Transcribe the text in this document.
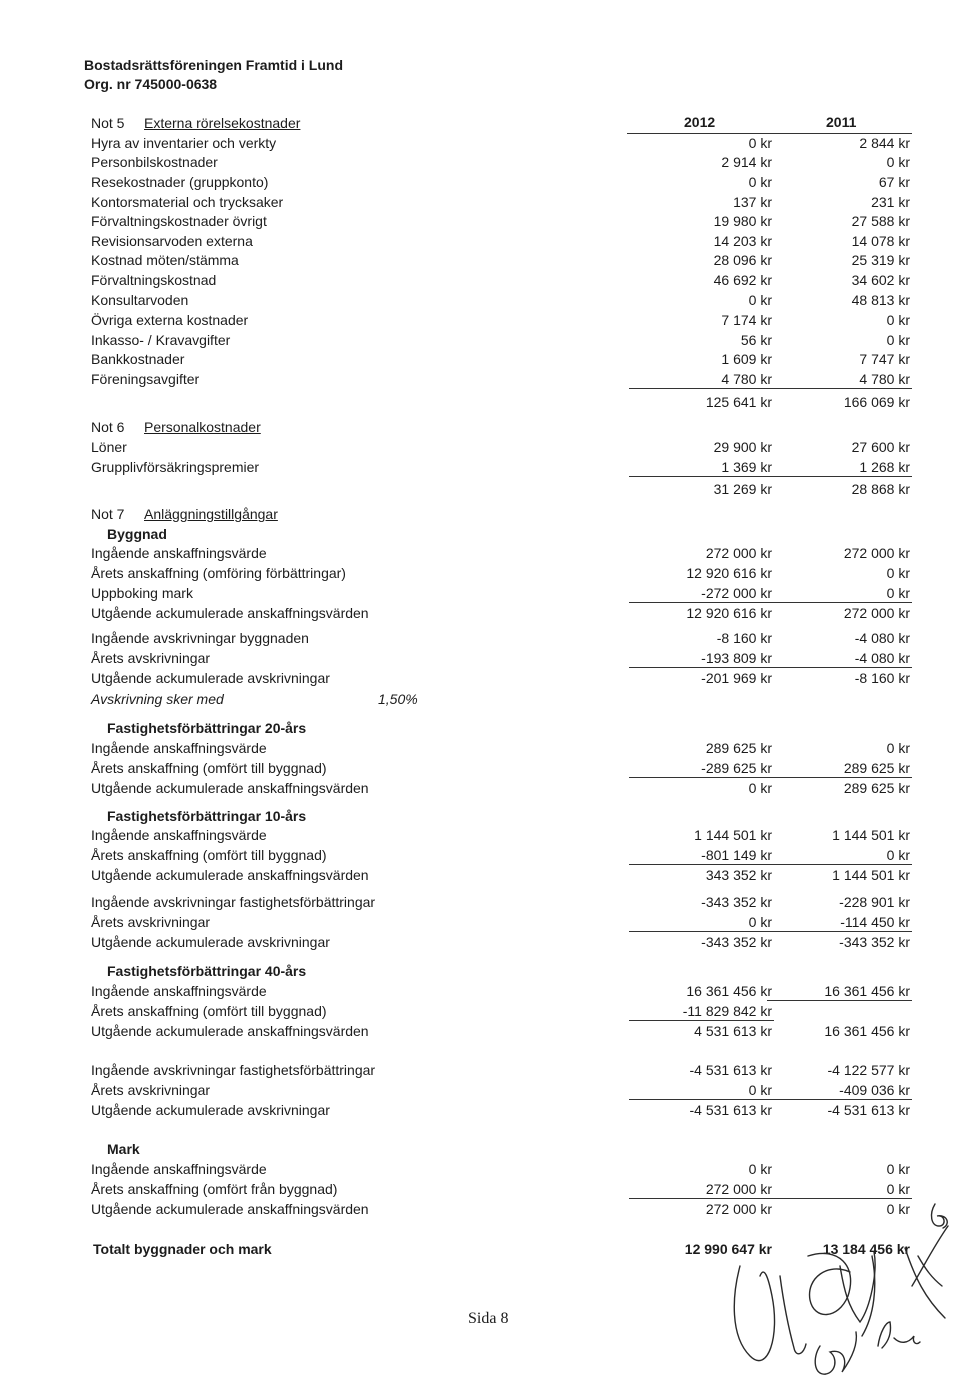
Bostadsrättsföreningen Framtid i Lund
Org. nr 745000-0638
2012	2011
Not 5 Externa rörelsekostnader
Hyra av inventarier och verkty	0 kr	2 844 kr
Personbilskostnader	2 914 kr	0 kr
Resekostnader (gruppkonto)	0 kr	67 kr
Kontorsmaterial och trycksaker	137 kr	231 kr
Förvaltningskostnader övrigt	19 980 kr	27 588 kr
Revisionsarvoden externa	14 203 kr	14 078 kr
Kostnad möten/stämma	28 096 kr	25 319 kr
Förvaltningskostnad	46 692 kr	34 602 kr
Konsultarvoden	0 kr	48 813 kr
Övriga externa kostnader	7 174 kr	0 kr
Inkasso- / Kravavgifter	56 kr	0 kr
Bankkostnader	1 609 kr	7 747 kr
Föreningsavgifter	4 780 kr	4 780 kr
125 641 kr	166 069 kr
Not 6 Personalkostnader
Löner	29 900 kr	27 600 kr
Grupplivförsäkringspremier	1 369 kr	1 268 kr
31 269 kr	28 868 kr
Not 7 Anläggningstillgångar
Byggnad
Ingående anskaffningsvärde	272 000 kr	272 000 kr
Årets anskaffning (omföring förbättringar)	12 920 616 kr	0 kr
Uppboking mark	-272 000 kr	0 kr
Utgående ackumulerade anskaffningsvärden	12 920 616 kr	272 000 kr
Ingående avskrivningar byggnaden	-8 160 kr	-4 080 kr
Årets avskrivningar	-193 809 kr	-4 080 kr
Utgående ackumulerade avskrivningar	-201 969 kr	-8 160 kr
Avskrivning sker med	1,50%
Fastighetsförbättringar 20-års
Ingående anskaffningsvärde	289 625 kr	0 kr
Årets anskaffning (omfört till byggnad)	-289 625 kr	289 625 kr
Utgående ackumulerade anskaffningsvärden	0 kr	289 625 kr
Fastighetsförbättringar 10-års
Ingående anskaffningsvärde	1 144 501 kr	1 144 501 kr
Årets anskaffning (omfört till byggnad)	-801 149 kr	0 kr
Utgående ackumulerade anskaffningsvärden	343 352 kr	1 144 501 kr
Ingående avskrivningar fastighetsförbättringar	-343 352 kr	-228 901 kr
Årets avskrivningar	0 kr	-114 450 kr
Utgående ackumulerade avskrivningar	-343 352 kr	-343 352 kr
Fastighetsförbättringar 40-års
Ingående anskaffningsvärde	16 361 456 kr	16 361 456 kr
Årets anskaffning (omfört till byggnad)	-11 829 842 kr
Utgående ackumulerade anskaffningsvärden	4 531 613 kr	16 361 456 kr
Ingående avskrivningar fastighetsförbättringar	-4 531 613 kr	-4 122 577 kr
Årets avskrivningar	0 kr	-409 036 kr
Utgående ackumulerade avskrivningar	-4 531 613 kr	-4 531 613 kr
Mark
Ingående anskaffningsvärde	0 kr	0 kr
Årets anskaffning (omfört från byggnad)	272 000 kr	0 kr
Utgående ackumulerade anskaffningsvärden	272 000 kr	0 kr
Totalt byggnader och mark	12 990 647 kr	13 184 456 kr
Sida 8
